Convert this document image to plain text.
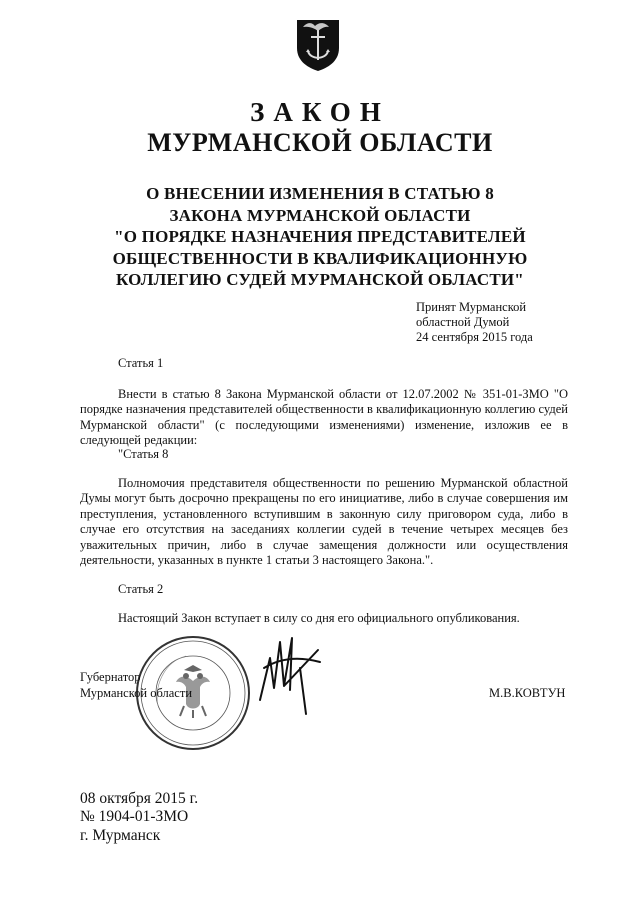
ЗАКОН
МУРМАНСКОЙ ОБЛАСТИ
О ВНЕСЕНИИ ИЗМЕНЕНИЯ В СТАТЬЮ 8
ЗАКОНА МУРМАНСКОЙ ОБЛАСТИ
"О ПОРЯДКЕ НАЗНАЧЕНИЯ ПРЕДСТАВИТЕЛЕЙ
ОБЩЕСТВЕННОСТИ В КВАЛИФИКАЦИОННУЮ
КОЛЛЕГИЮ СУДЕЙ МУРМАНСКОЙ ОБЛАСТИ"
Принят Мурманской
областной Думой
24 сентября 2015 года
Статья 1
Внести в статью 8 Закона Мурманской области от 12.07.2002 № 351-01-ЗМО "О порядке назначения представителей общественности в квалификационную коллегию судей Мурманской области" (с последующими изменениями) изменение, изложив ее в следующей редакции:
"Статья 8
Полномочия представителя общественности по решению Мурманской областной Думы могут быть досрочно прекращены по его инициативе, либо в случае совершения им преступления, установленного вступившим в законную силу приговором суда, либо в случае его отсутствия на заседаниях коллегии судей в течение четырех месяцев без уважительных причин, либо в случае замещения должности или осуществления деятельности, указанных в пункте 1 статьи 3 настоящего Закона.".
Статья 2
Настоящий Закон вступает в силу со дня его официального опубликования.
Губернатор
Мурманской области	М.В.КОВТУН
08 октября 2015 г.
№ 1904-01-ЗМО
г. Мурманск
